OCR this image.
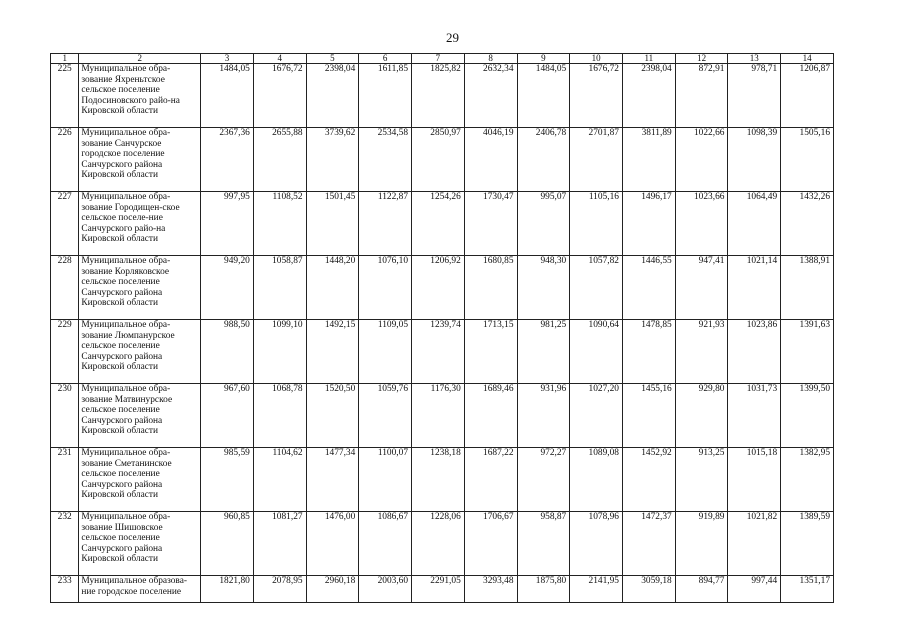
29
1	2	3	4	5	6	7	8	9	10	11	12	13	14
225	Муниципальное обра-зование Яхреньтское сельское поселение Подосиновского райо-на Кировской области	1484,05	1676,72	2398,04	1611,85	1825,82	2632,34	1484,05	1676,72	2398,04	872,91	978,71	1206,87
226	Муниципальное обра-зование Санчурское городское поселение Санчурского района Кировской области	2367,36	2655,88	3739,62	2534,58	2850,97	4046,19	2406,78	2701,87	3811,89	1022,66	1098,39	1505,16
227	Муниципальное обра-зование Городищен-ское сельское поселе-ние Санчурского райо-на Кировской области	997,95	1108,52	1501,45	1122,87	1254,26	1730,47	995,07	1105,16	1496,17	1023,66	1064,49	1432,26
228	Муниципальное обра-зование Корляковское сельское поселение Санчурского района Кировской области	949,20	1058,87	1448,20	1076,10	1206,92	1680,85	948,30	1057,82	1446,55	947,41	1021,14	1388,91
229	Муниципальное обра-зование Люмпанурское сельское поселение Санчурского района Кировской области	988,50	1099,10	1492,15	1109,05	1239,74	1713,15	981,25	1090,64	1478,85	921,93	1023,86	1391,63
230	Муниципальное обра-зование Матвинурское сельское поселение Санчурского района Кировской области	967,60	1068,78	1520,50	1059,76	1176,30	1689,46	931,96	1027,20	1455,16	929,80	1031,73	1399,50
231	Муниципальное обра-зование Сметанинское сельское поселение Санчурского района Кировской области	985,59	1104,62	1477,34	1100,07	1238,18	1687,22	972,27	1089,08	1452,92	913,25	1015,18	1382,95
232	Муниципальное обра-зование Шишовское сельское поселение Санчурского района Кировской области	960,85	1081,27	1476,00	1086,67	1228,06	1706,67	958,87	1078,96	1472,37	919,89	1021,82	1389,59
233	Муниципальное образова-ние городское поселение	1821,80	2078,95	2960,18	2003,60	2291,05	3293,48	1875,80	2141,95	3059,18	894,77	997,44	1351,17
